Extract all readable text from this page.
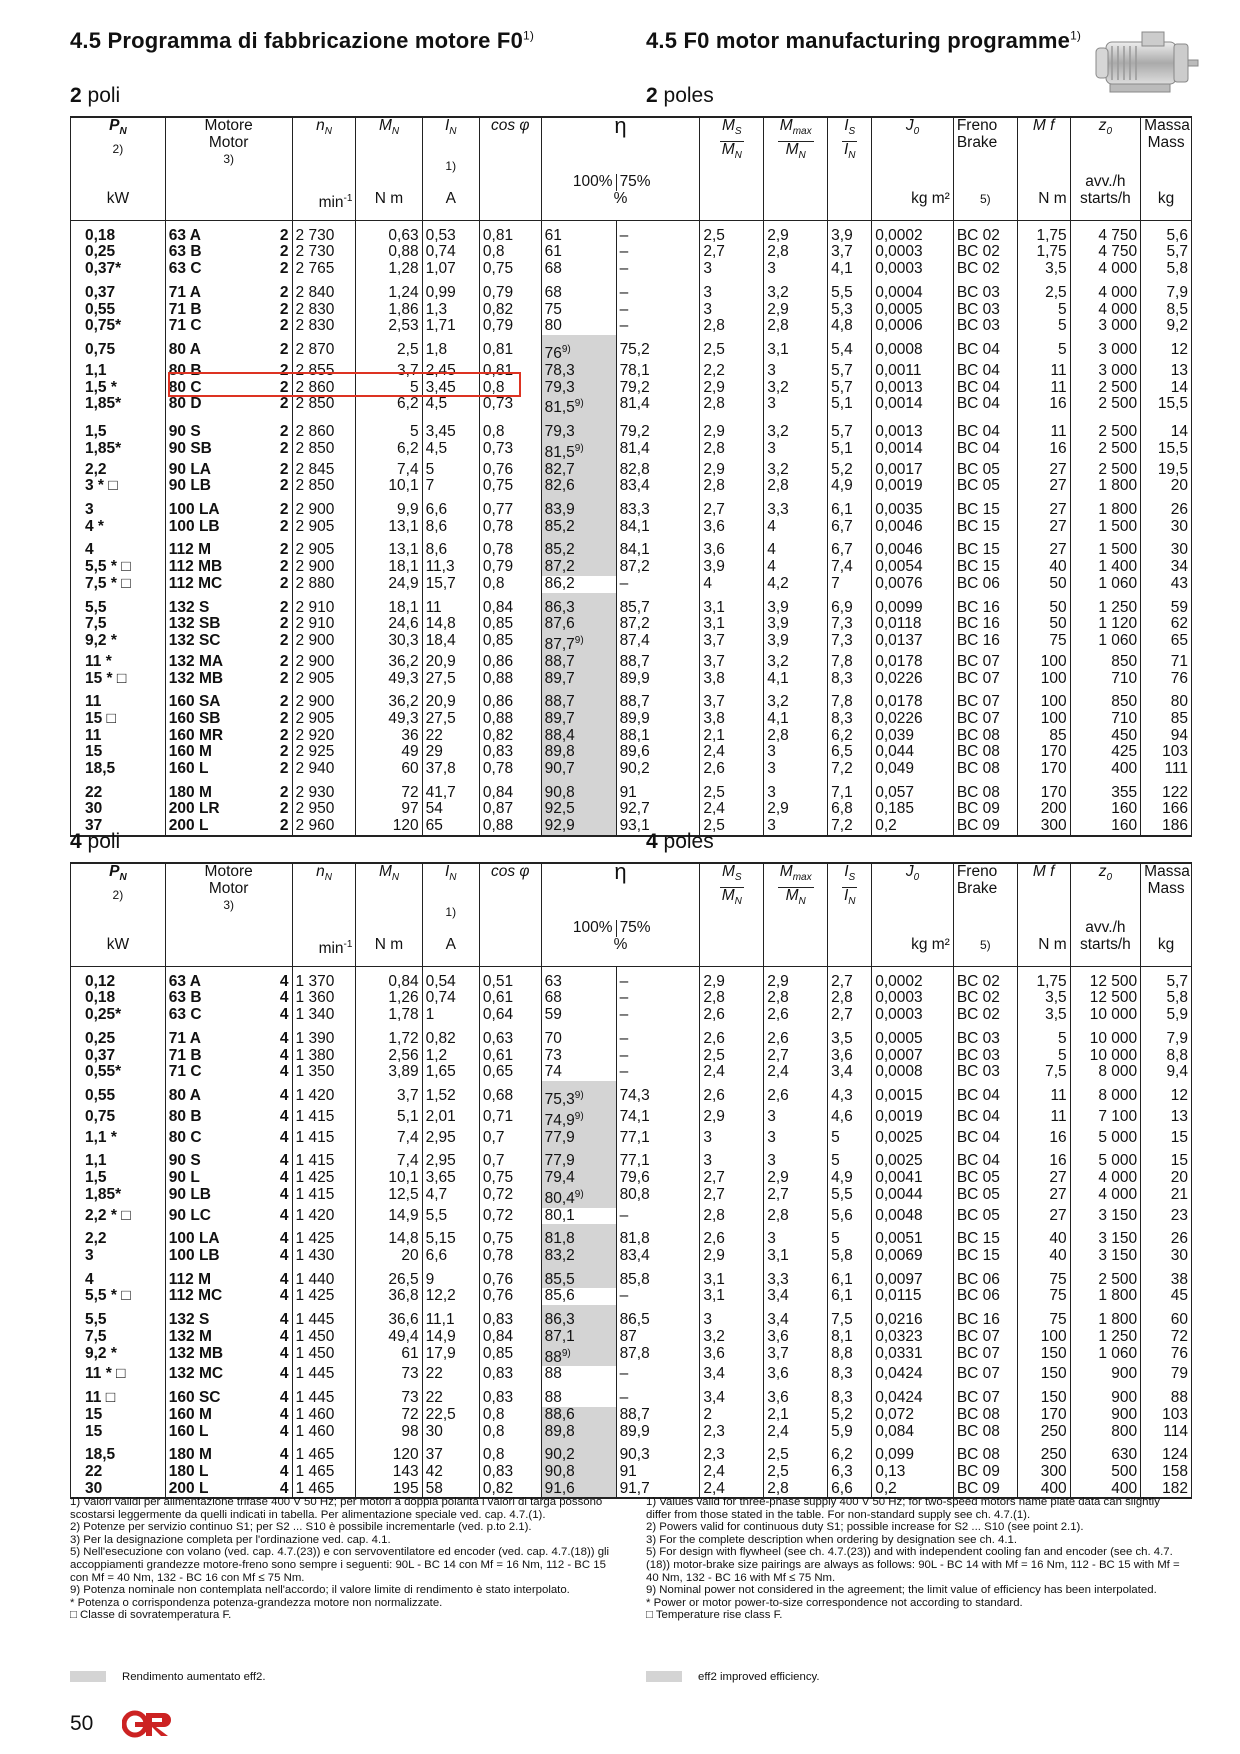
4.5 Programma di fabbricazione motore F0$^{1)}$	4.5 F0 motor manufacturing programme$^{1)}$
2 poli	2 poles
$P_N$
2)	Motore
Motor
3)	$n_N$	$M_N$	$I_N$

1)	cos φ	η		$\frac{M_S}{M_N}$	$\frac{M_{max}}{M_N}$	$\frac{I_S}{I_N}$	$J_0$	Freno
Brake	M f	$z_0$	Massa
Mass
						100%	75%							avv./h	
kW		$\min^{-1}$	N m	A		%					kg m²	5)	N m	starts/h	kg
0,18	63 A 2	2 730	0,63	0,53	0,81	61	–	2,5	2,9	3,9	0,0002	BC 02	1,75	4 750	5,6
0,25	63 B 2	2 730	0,88	0,74	0,8	61	–	2,7	2,8	3,7	0,0003	BC 02	1,75	4 750	5,7
0,37*	63 C 2	2 765	1,28	1,07	0,75	68	–	3	3	4,1	0,0003	BC 02	3,5	4 000	5,8
0,37	71 A 2	2 840	1,24	0,99	0,79	68	–	3	3,2	5,5	0,0004	BC 03	2,5	4 000	7,9
0,55	71 B 2	2 830	1,86	1,3	0,82	75	–	3	2,9	5,3	0,0005	BC 03	5	4 000	8,5
0,75*	71 C 2	2 830	2,53	1,71	0,79	80	–	2,8	2,8	4,8	0,0006	BC 03	5	3 000	9,2
0,75	80 A 2	2 870	2,5	1,8	0,81	76$^{9)}$	75,2	2,5	3,1	5,4	0,0008	BC 04	5	3 000	12
1,1	80 B 2	2 855	3,7	2,45	0,81	78,3	78,1	2,2	3	5,7	0,0011	BC 04	11	3 000	13
1,5 *	80 C 2	2 860	5	3,45	0,8	79,3	79,2	2,9	3,2	5,7	0,0013	BC 04	11	2 500	14
1,85*	80 D 2	2 850	6,2	4,5	0,73	81,5$^{9)}$	81,4	2,8	3	5,1	0,0014	BC 04	16	2 500	15,5
1,5	90 S 2	2 860	5	3,45	0,8	79,3	79,2	2,9	3,2	5,7	0,0013	BC 04	11	2 500	14
1,85*	90 SB 2	2 850	6,2	4,5	0,73	81,5$^{9)}$	81,4	2,8	3	5,1	0,0014	BC 04	16	2 500	15,5
2,2	90 LA 2	2 845	7,4	5	0,76	82,7	82,8	2,9	3,2	5,2	0,0017	BC 05	27	2 500	19,5
3 * □	90 LB 2	2 850	10,1	7	0,75	82,6	83,4	2,8	2,8	4,9	0,0019	BC 05	27	1 800	20
3	100 LA 2	2 900	9,9	6,6	0,77	83,9	83,3	2,7	3,3	6,1	0,0035	BC 15	27	1 800	26
4 *	100 LB 2	2 905	13,1	8,6	0,78	85,2	84,1	3,6	4	6,7	0,0046	BC 15	27	1 500	30
4	112 M 2	2 905	13,1	8,6	0,78	85,2	84,1	3,6	4	6,7	0,0046	BC 15	27	1 500	30
5,5 * □	112 MB 2	2 900	18,1	11,3	0,79	87,2	87,2	3,9	4	7,4	0,0054	BC 15	40	1 400	34
7,5 * □	112 MC 2	2 880	24,9	15,7	0,8	86,2	–	4	4,2	7	0,0076	BC 06	50	1 060	43
5,5	132 S 2	2 910	18,1	11	0,84	86,3	85,7	3,1	3,9	6,9	0,0099	BC 16	50	1 250	59
7,5	132 SB 2	2 910	24,6	14,8	0,85	87,6	87,2	3,1	3,9	7,3	0,0118	BC 16	50	1 120	62
9,2 *	132 SC 2	2 900	30,3	18,4	0,85	87,7$^{9)}$	87,4	3,7	3,9	7,3	0,0137	BC 16	75	1 060	65
11 *	132 MA 2	2 900	36,2	20,9	0,86	88,7	88,7	3,7	3,2	7,8	0,0178	BC 07	100	850	71
15 * □	132 MB 2	2 905	49,3	27,5	0,88	89,7	89,9	3,8	4,1	8,3	0,0226	BC 07	100	710	76
11	160 SA 2	2 900	36,2	20,9	0,86	88,7	88,7	3,7	3,2	7,8	0,0178	BC 07	100	850	80
15 □	160 SB 2	2 905	49,3	27,5	0,88	89,7	89,9	3,8	4,1	8,3	0,0226	BC 07	100	710	85
11	160 MR 2	2 920	36	22	0,82	88,4	88,1	2,1	2,8	6,2	0,039	BC 08	85	450	94
15	160 M 2	2 925	49	29	0,83	89,8	89,6	2,4	3	6,5	0,044	BC 08	170	425	103
18,5	160 L 2	2 940	60	37,8	0,78	90,7	90,2	2,6	3	7,2	0,049	BC 08	170	400	111
22	180 M 2	2 930	72	41,7	0,84	90,8	91	2,5	3	7,1	0,057	BC 08	170	355	122
30	200 LR 2	2 950	97	54	0,87	92,5	92,7	2,4	2,9	6,8	0,185	BC 09	200	160	166
37	200 L 2	2 960	120	65	0,88	92,9	93,1	2,5	3	7,2	0,2	BC 09	300	160	186
4 poli	4 poles
$P_N$
2)	Motore
Motor
3)	$n_N$	$M_N$	$I_N$

1)	cos φ	η		$\frac{M_S}{M_N}$	$\frac{M_{max}}{M_N}$	$\frac{I_S}{I_N}$	$J_0$	Freno
Brake	M f	$z_0$	Massa
Mass
						100%	75%							avv./h	
kW		$\min^{-1}$	N m	A		%					kg m²	5)	N m	starts/h	kg
0,12	63 A 4	1 370	0,84	0,54	0,51	63	–	2,9	2,9	2,7	0,0002	BC 02	1,75	12 500	5,7
0,18	63 B 4	1 360	1,26	0,74	0,61	68	–	2,8	2,8	2,8	0,0003	BC 02	3,5	12 500	5,8
0,25*	63 C 4	1 340	1,78	1	0,64	59	–	2,6	2,6	2,7	0,0003	BC 02	3,5	10 000	5,9
0,25	71 A 4	1 390	1,72	0,82	0,63	70	–	2,6	2,6	3,5	0,0005	BC 03	5	10 000	7,9
0,37	71 B 4	1 380	2,56	1,2	0,61	73	–	2,5	2,7	3,6	0,0007	BC 03	5	10 000	8,8
0,55*	71 C 4	1 350	3,89	1,65	0,65	74	–	2,4	2,4	3,4	0,0008	BC 03	7,5	8 000	9,4
0,55	80 A 4	1 420	3,7	1,52	0,68	75,3$^{9)}$	74,3	2,6	2,6	4,3	0,0015	BC 04	11	8 000	12
0,75	80 B 4	1 415	5,1	2,01	0,71	74,9$^{9)}$	74,1	2,9	3	4,6	0,0019	BC 04	11	7 100	13
1,1 *	80 C 4	1 415	7,4	2,95	0,7	77,9	77,1	3	3	5	0,0025	BC 04	16	5 000	15
1,1	90 S 4	1 415	7,4	2,95	0,7	77,9	77,1	3	3	5	0,0025	BC 04	16	5 000	15
1,5	90 L 4	1 425	10,1	3,65	0,75	79,4	79,6	2,7	2,9	4,9	0,0041	BC 05	27	4 000	20
1,85*	90 LB 4	1 415	12,5	4,7	0,72	80,4$^{9)}$	80,8	2,7	2,7	5,5	0,0044	BC 05	27	4 000	21
2,2 * □	90 LC 4	1 420	14,9	5,5	0,72	80,1	–	2,8	2,8	5,6	0,0048	BC 05	27	3 150	23
2,2	100 LA 4	1 425	14,8	5,15	0,75	81,8	81,8	2,6	3	5	0,0051	BC 15	40	3 150	26
3	100 LB 4	1 430	20	6,6	0,78	83,2	83,4	2,9	3,1	5,8	0,0069	BC 15	40	3 150	30
4	112 M 4	1 440	26,5	9	0,76	85,5	85,8	3,1	3,3	6,1	0,0097	BC 06	75	2 500	38
5,5 * □	112 MC 4	1 425	36,8	12,2	0,76	85,6	–	3,1	3,4	6,1	0,0115	BC 06	75	1 800	45
5,5	132 S 4	1 445	36,6	11,1	0,83	86,3	86,5	3	3,4	7,5	0,0216	BC 16	75	1 800	60
7,5	132 M 4	1 450	49,4	14,9	0,84	87,1	87	3,2	3,6	8,1	0,0323	BC 07	100	1 250	72
9,2 *	132 MB 4	1 450	61	17,9	0,85	88$^{9)}$	87,8	3,6	3,7	8,8	0,0331	BC 07	150	1 060	76
11 * □	132 MC 4	1 445	73	22	0,83	88	–	3,4	3,6	8,3	0,0424	BC 07	150	900	79
11 □	160 SC 4	1 445	73	22	0,83	88	–	3,4	3,6	8,3	0,0424	BC 07	150	900	88
15	160 M 4	1 460	72	22,5	0,8	88,6	88,7	2	2,1	5,2	0,072	BC 08	170	900	103
15	160 L 4	1 460	98	30	0,8	89,8	89,9	2,3	2,4	5,9	0,084	BC 08	250	800	114
18,5	180 M 4	1 465	120	37	0,8	90,2	90,3	2,3	2,5	6,2	0,099	BC 08	250	630	124
22	180 L 4	1 465	143	42	0,83	90,8	91	2,4	2,5	6,3	0,13	BC 09	300	500	158
30	200 L 4	1 465	195	58	0,82	91,6	91,7	2,4	2,8	6,6	0,2	BC 09	400	400	182
1) Valori validi per alimentazione trifase 400 V 50 Hz; per motori a doppia polarità i valori di targa possono scostarsi leggermente da quelli indicati in tabella. Per alimentazione speciale ved. cap. 4.7.(1).
2) Potenze per servizio continuo S1; per S2 ... S10 è possibile incrementarle (ved. p.to 2.1).
3) Per la designazione completa per l'ordinazione ved. cap. 4.1.
5) Nell'esecuzione con volano (ved. cap. 4.7.(23)) e con servoventilatore ed encoder (ved. cap. 4.7.(18)) gli accoppiamenti grandezze motore-freno sono sempre i seguenti: 90L - BC 14 con Mf = 16 Nm, 112 - BC 15 con Mf = 40 Nm, 132 - BC 16 con Mf ≤ 75 Nm.
9) Potenza nominale non contemplata nell'accordo; il valore limite di rendimento è stato interpolato.
* Potenza o corrispondenza potenza-grandezza motore non normalizzate.
□ Classe di sovratemperatura F.
1) Values valid for three-phase supply 400 V 50 Hz; for two-speed motors name plate data can slightly differ from those stated in the table. For non-standard supply see ch. 4.7.(1).
2) Powers valid for continuous duty S1; possible increase for S2 ... S10 (see point 2.1).
3) For the complete description when ordering by designation see ch. 4.1.
5) For design with flywheel (see ch. 4.7.(23)) and with independent cooling fan and encoder (see ch. 4.7.(18)) motor-brake size pairings are always as follows: 90L - BC 14 with Mf = 16 Nm, 112 - BC 15 with Mf = 40 Nm, 132 - BC 16 with Mf ≤ 75 Nm.
9) Nominal power not considered in the agreement; the limit value of efficiency has been interpolated.
* Power or motor power-to-size correspondence not according to standard.
□ Temperature rise class F.
Rendimento aumentato eff2.	eff2 improved efficiency.
50
